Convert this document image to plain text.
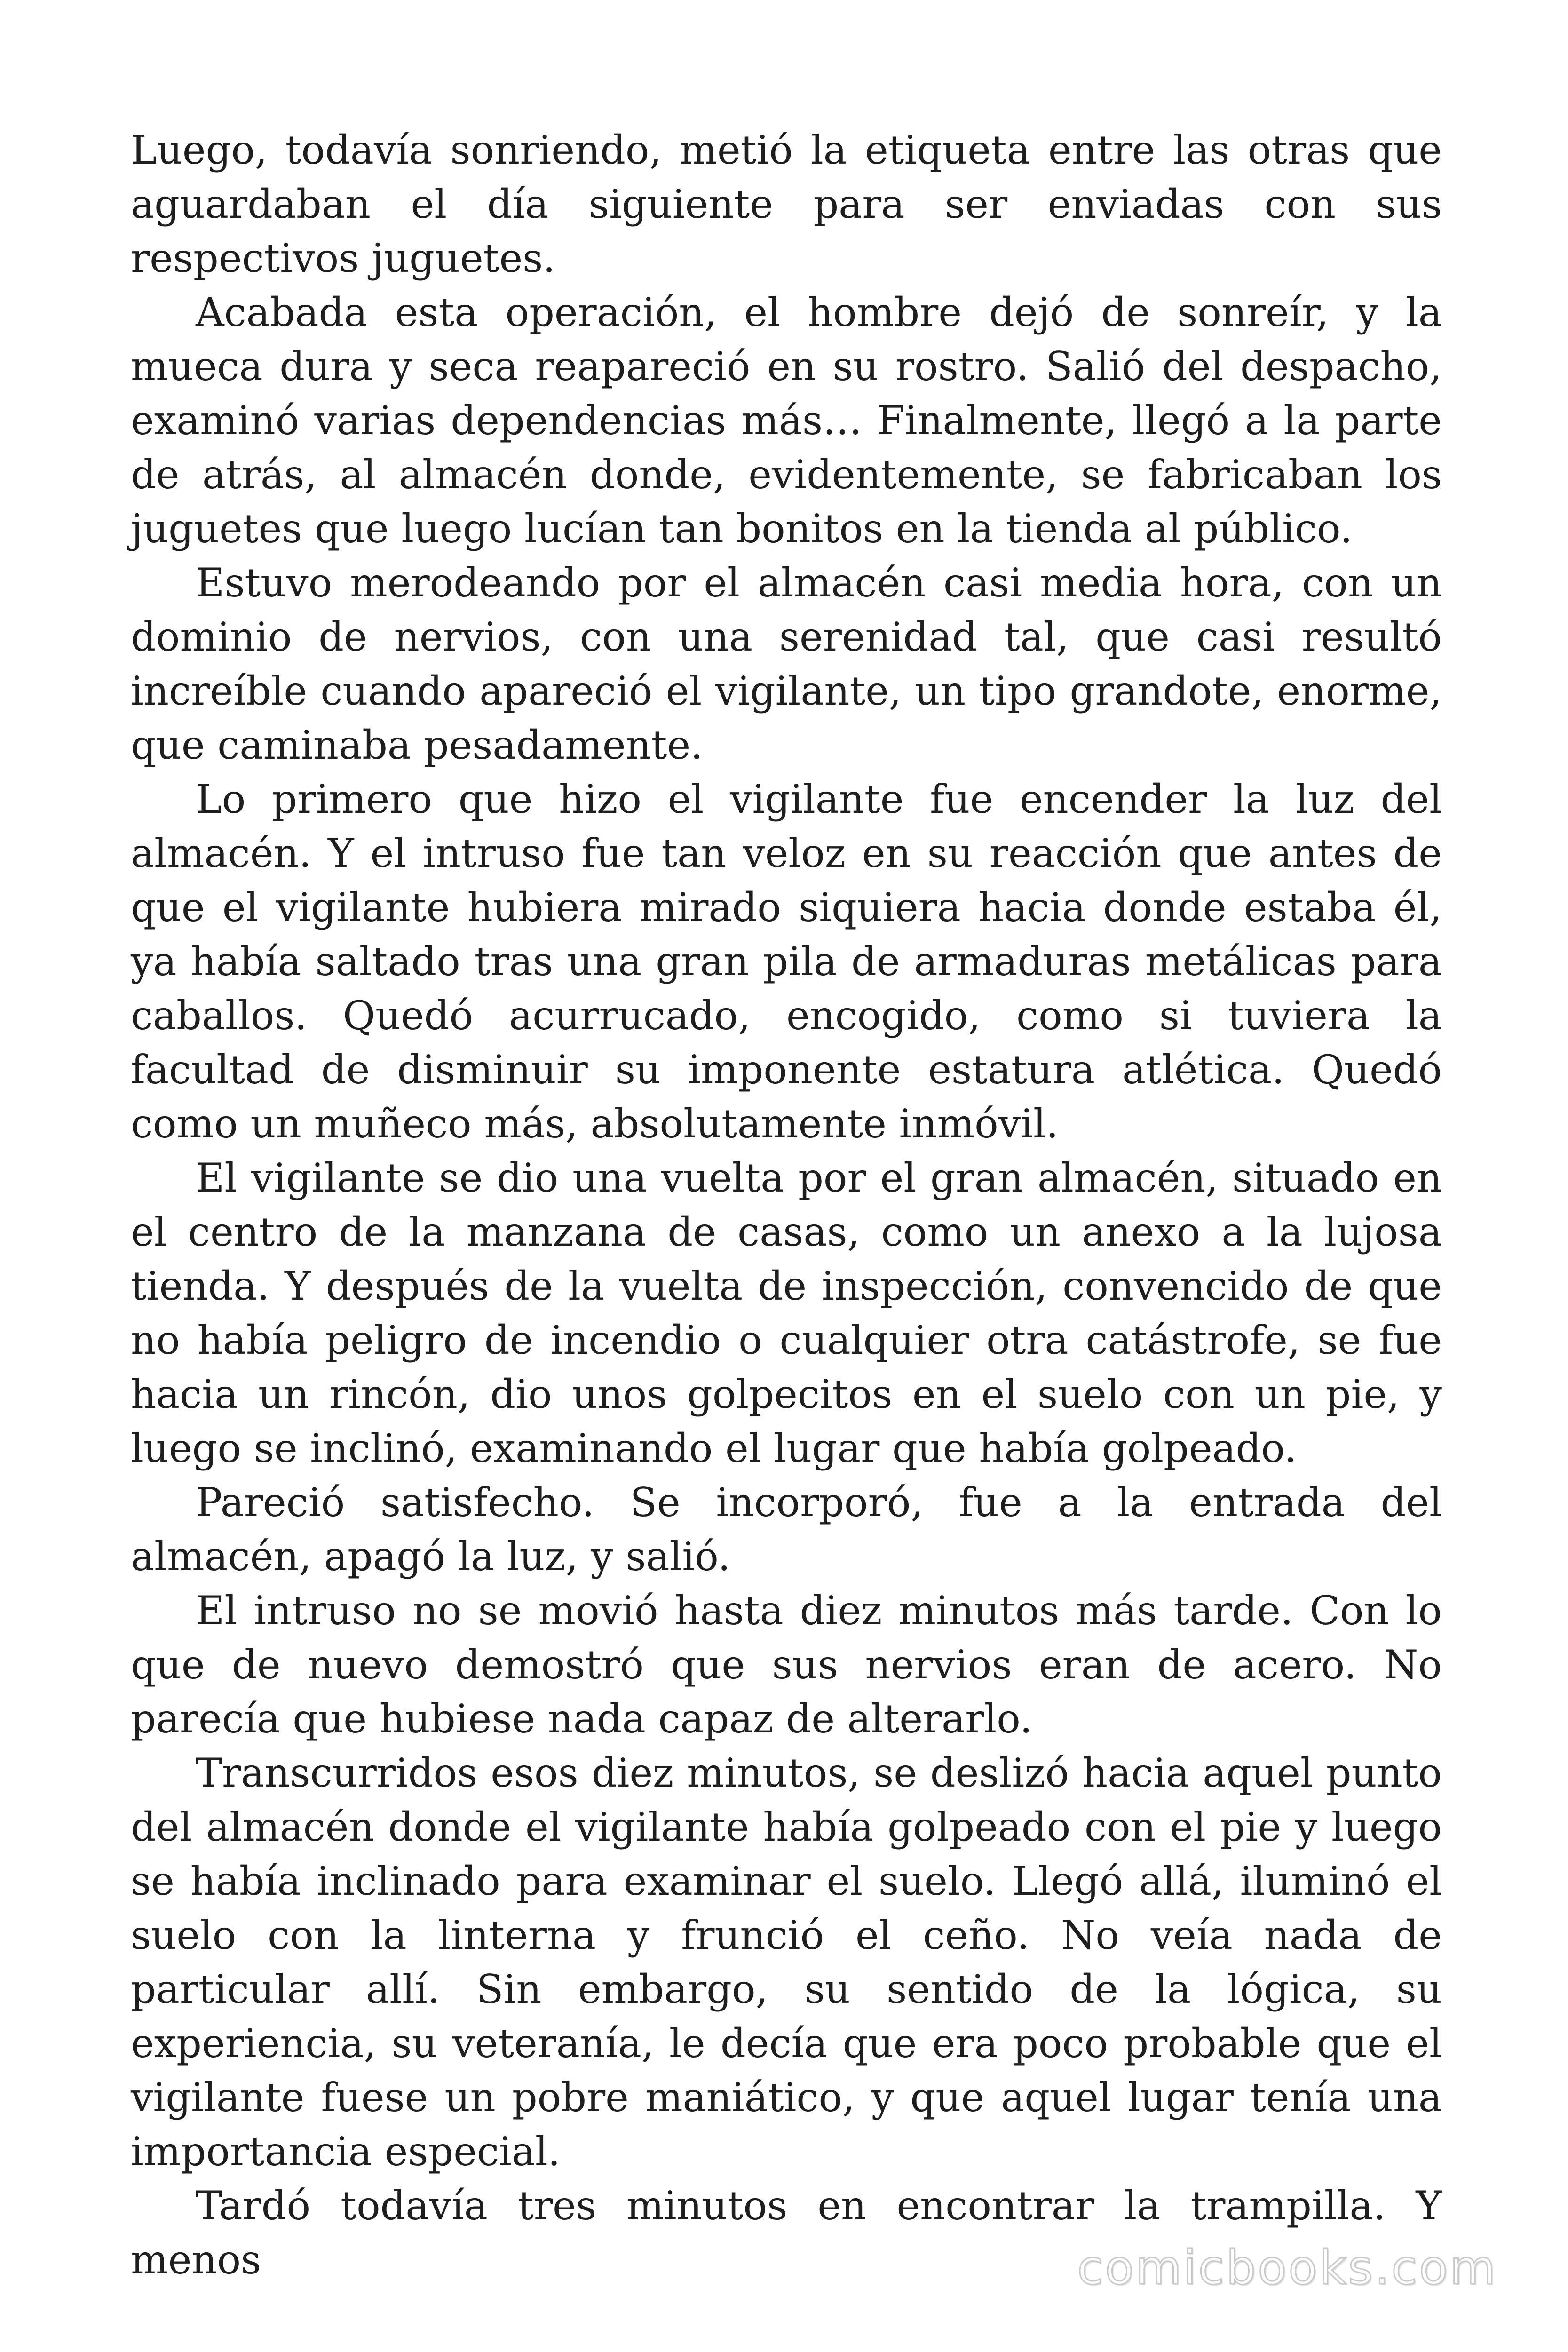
Luego, todavía sonriendo, metió la etiqueta entre las otras que aguardaban el día siguiente para ser enviadas con sus respectivos juguetes.

Acabada esta operación, el hombre dejó de sonreír, y la mueca dura y seca reapareció en su rostro. Salió del despacho, examinó varias dependencias más… Finalmente, llegó a la parte de atrás, al almacén donde, evidentemente, se fabricaban los juguetes que luego lucían tan bonitos en la tienda al público.

Estuvo merodeando por el almacén casi media hora, con un dominio de nervios, con una serenidad tal, que casi resultó increíble cuando apareció el vigilante, un tipo grandote, enorme, que caminaba pesadamente.

Lo primero que hizo el vigilante fue encender la luz del almacén. Y el intruso fue tan veloz en su reacción que antes de que el vigilante hubiera mirado siquiera hacia donde estaba él, ya había saltado tras una gran pila de armaduras metálicas para caballos. Quedó acurrucado, encogido, como si tuviera la facultad de disminuir su imponente estatura atlética. Quedó como un muñeco más, absolutamente inmóvil.

El vigilante se dio una vuelta por el gran almacén, situado en el centro de la manzana de casas, como un anexo a la lujosa tienda. Y después de la vuelta de inspección, convencido de que no había peligro de incendio o cualquier otra catástrofe, se fue hacia un rincón, dio unos golpecitos en el suelo con un pie, y luego se inclinó, examinando el lugar que había golpeado.

Pareció satisfecho. Se incorporó, fue a la entrada del almacén, apagó la luz, y salió.

El intruso no se movió hasta diez minutos más tarde. Con lo que de nuevo demostró que sus nervios eran de acero. No parecía que hubiese nada capaz de alterarlo.

Transcurridos esos diez minutos, se deslizó hacia aquel punto del almacén donde el vigilante había golpeado con el pie y luego se había inclinado para examinar el suelo. Llegó allá, iluminó el suelo con la linterna y frunció el ceño. No veía nada de particular allí. Sin embargo, su sentido de la lógica, su experiencia, su veteranía, le decía que era poco probable que el vigilante fuese un pobre maniático, y que aquel lugar tenía una importancia especial.

Tardó todavía tres minutos en encontrar la trampilla. Y menos	comicbooks.com
